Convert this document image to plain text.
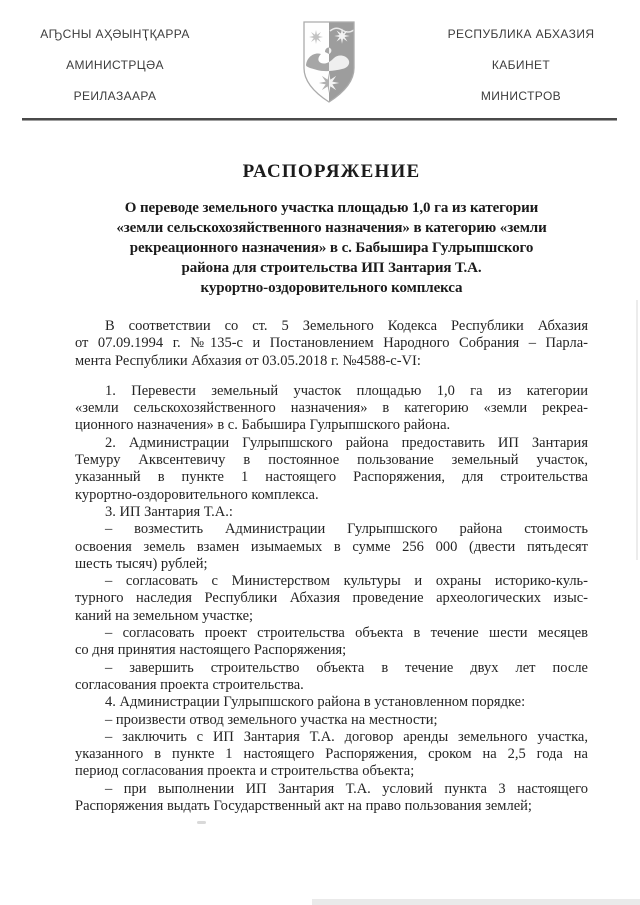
АҦСНЫ АҲӘЫНҬҚАРРА
АМИНИСТРЦӘА
РЕИЛАЗААРА
РЕСПУБЛИКА АБХАЗИЯ
КАБИНЕТ
МИНИСТРОВ
РАСПОРЯЖЕНИЕ
О переводе земельного участка площадью 1,0 га из категории
«земли сельскохозяйственного назначения» в категорию «земли
рекреационного назначения» в с. Бабышира Гулрыпшского
района для строительства ИП Зантария Т.А.
курортно-оздоровительного комплекса
В соответствии со ст. 5 Земельного Кодекса Республики Абхазия
от 07.09.1994 г. №135-с и Постановлением Народного Собрания – Парла-
мента Республики Абхазия от 03.05.2018 г. №4588-с-VI:
1. Перевести земельный участок площадью 1,0 га из категории
«земли сельскохозяйственного назначения» в категорию «земли рекреа-
ционного назначения» в с. Бабышира Гулрыпшского района.
2. Администрации Гулрыпшского района предоставить ИП Зантария
Темуру Аквсентевичу в постоянное пользование земельный участок,
указанный в пункте 1 настоящего Распоряжения, для строительства
курортно-оздоровительного комплекса.
3. ИП Зантария Т.А.:
– возместить Администрации Гулрыпшского района стоимость
освоения земель взамен изымаемых в сумме 256 000 (двести пятьдесят
шесть тысяч) рублей;
– согласовать с Министерством культуры и охраны историко-куль-
турного наследия Республики Абхазия проведение археологических изыс-
каний на земельном участке;
– согласовать проект строительства объекта в течение шести месяцев
со дня принятия настоящего Распоряжения;
– завершить строительство объекта в течение двух лет после
согласования проекта строительства.
4. Администрации Гулрыпшского района в установленном порядке:
– произвести отвод земельного участка на местности;
– заключить с ИП Зантария Т.А. договор аренды земельного участка,
указанного в пункте 1 настоящего Распоряжения, сроком на 2,5 года на
период согласования проекта и строительства объекта;
– при выполнении ИП Зантария Т.А. условий пункта 3 настоящего
Распоряжения выдать Государственный акт на право пользования землей;
